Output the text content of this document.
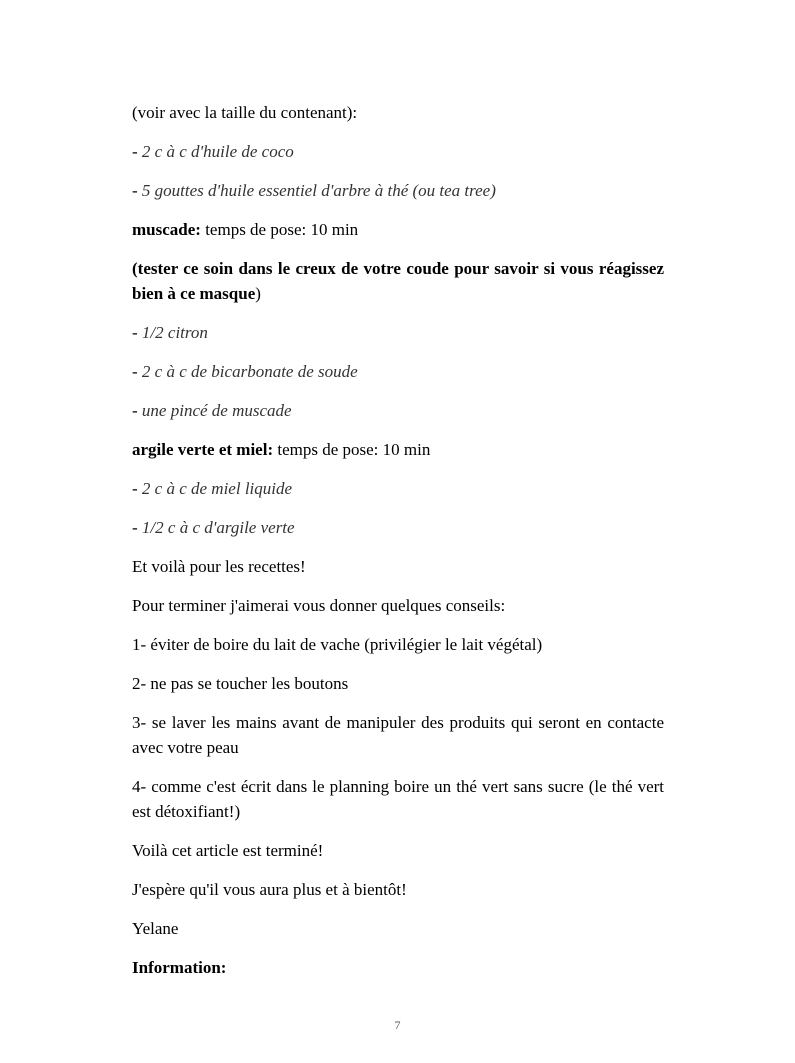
(voir avec la taille du contenant):

- 2 c à c d'huile de coco

- 5 gouttes d'huile essentiel d'arbre à thé (ou tea tree)

muscade: temps de pose: 10 min

(tester ce soin dans le creux de votre coude pour savoir si vous réagissez bien à ce masque)

- 1/2 citron

- 2 c à c de bicarbonate de soude

- une pincé de muscade

argile verte et miel: temps de pose: 10 min

- 2 c à c de miel liquide

- 1/2 c à c d'argile verte

Et voilà pour les recettes!

Pour terminer j'aimerai vous donner quelques conseils:

1- éviter de boire du lait de vache (privilégier le lait végétal)

2- ne pas se toucher les boutons

3- se laver les mains avant de manipuler des produits qui seront en contacte avec votre peau

4- comme c'est écrit dans le planning boire un thé vert sans sucre (le thé vert est détoxifiant!)

Voilà cet article est terminé!

J'espère qu'il vous aura plus et à bientôt!

Yelane

Information:

7
